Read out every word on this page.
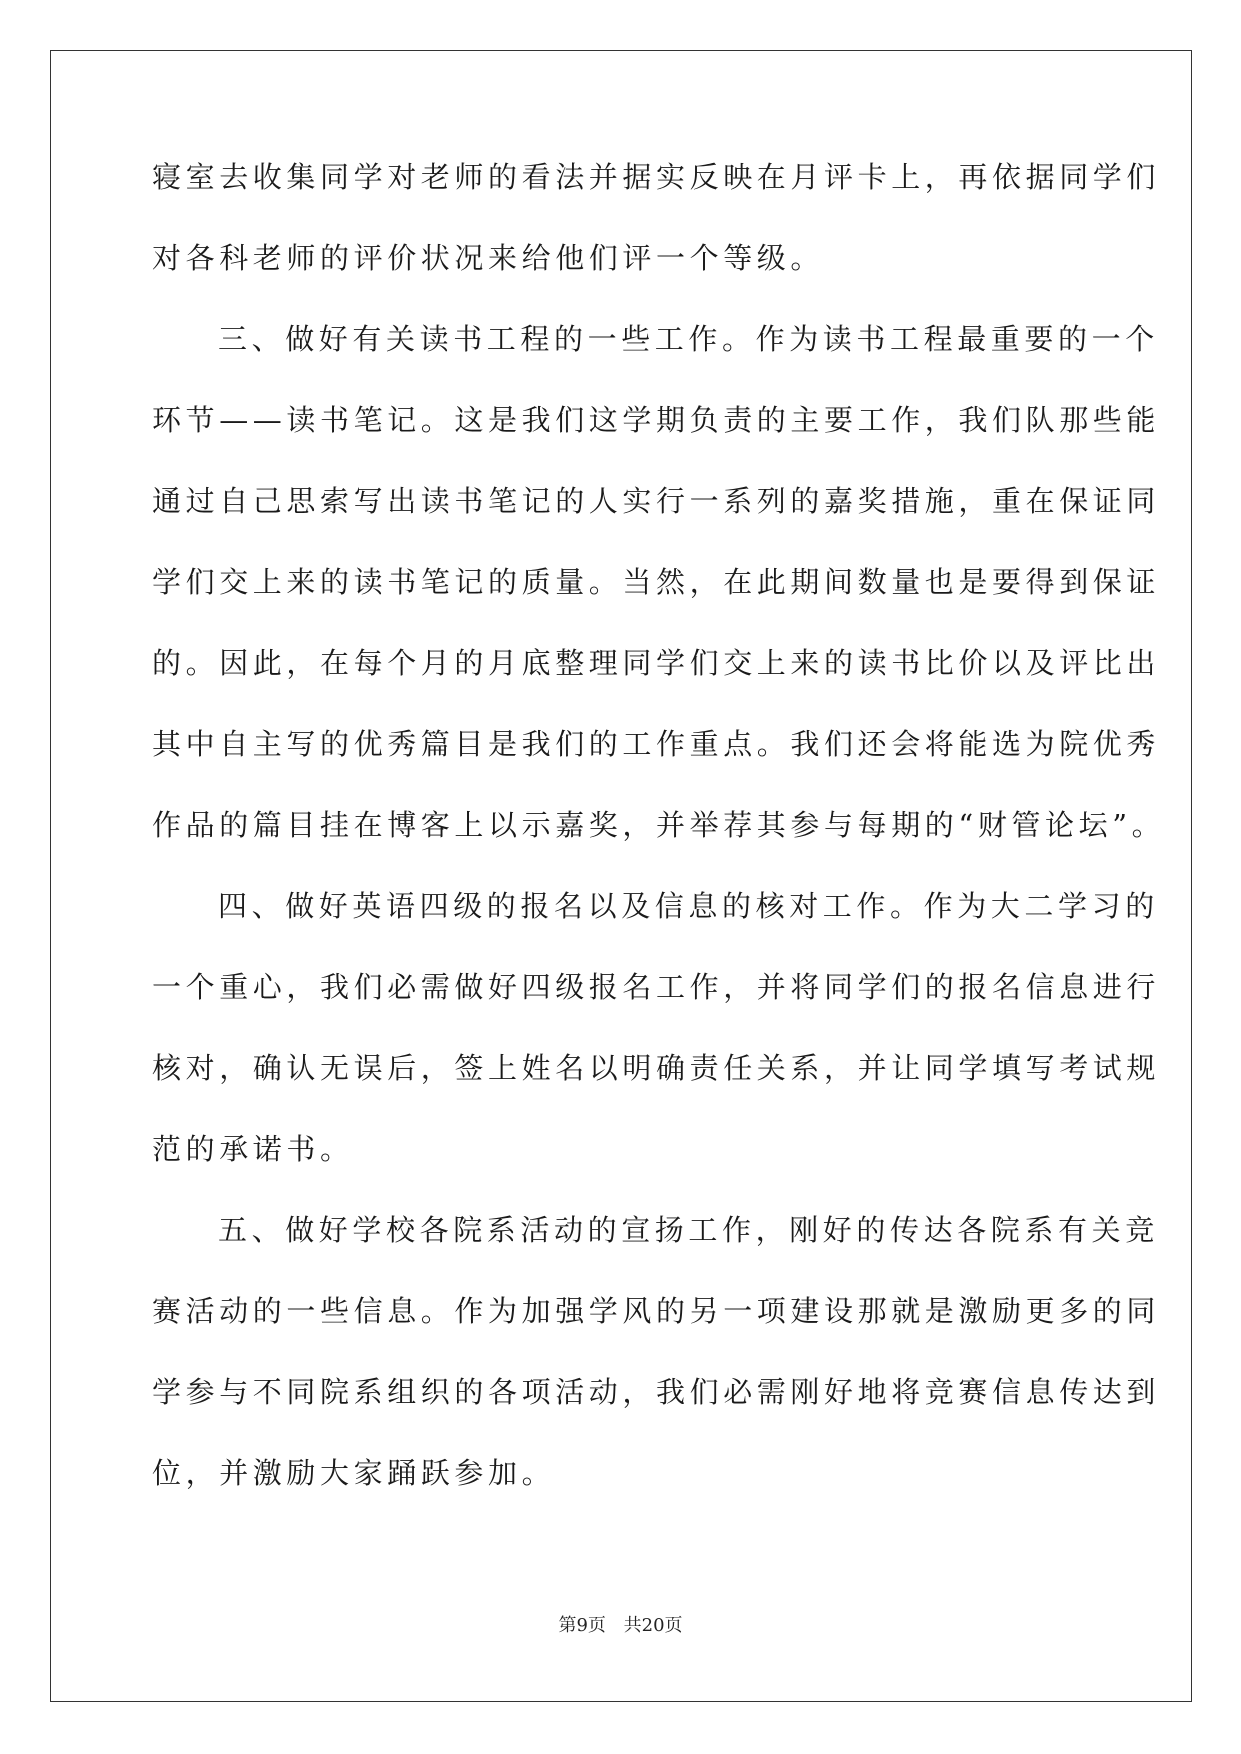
寝室去收集同学对老师的看法并据实反映在月评卡上，再依据同学们

对各科老师的评价状况来给他们评一个等级。

三、做好有关读书工程的一些工作。作为读书工程最重要的一个

环节——读书笔记。这是我们这学期负责的主要工作，我们队那些能

通过自己思索写出读书笔记的人实行一系列的嘉奖措施，重在保证同

学们交上来的读书笔记的质量。当然，在此期间数量也是要得到保证

的。因此，在每个月的月底整理同学们交上来的读书比价以及评比出

其中自主写的优秀篇目是我们的工作重点。我们还会将能选为院优秀

作品的篇目挂在博客上以示嘉奖，并举荐其参与每期的“财管论坛”。

四、做好英语四级的报名以及信息的核对工作。作为大二学习的

一个重心，我们必需做好四级报名工作，并将同学们的报名信息进行

核对，确认无误后，签上姓名以明确责任关系，并让同学填写考试规

范的承诺书。

五、做好学校各院系活动的宣扬工作，刚好的传达各院系有关竞

赛活动的一些信息。作为加强学风的另一项建设那就是激励更多的同

学参与不同院系组织的各项活动，我们必需刚好地将竞赛信息传达到

位，并激励大家踊跃参加。

第9页 共20页
